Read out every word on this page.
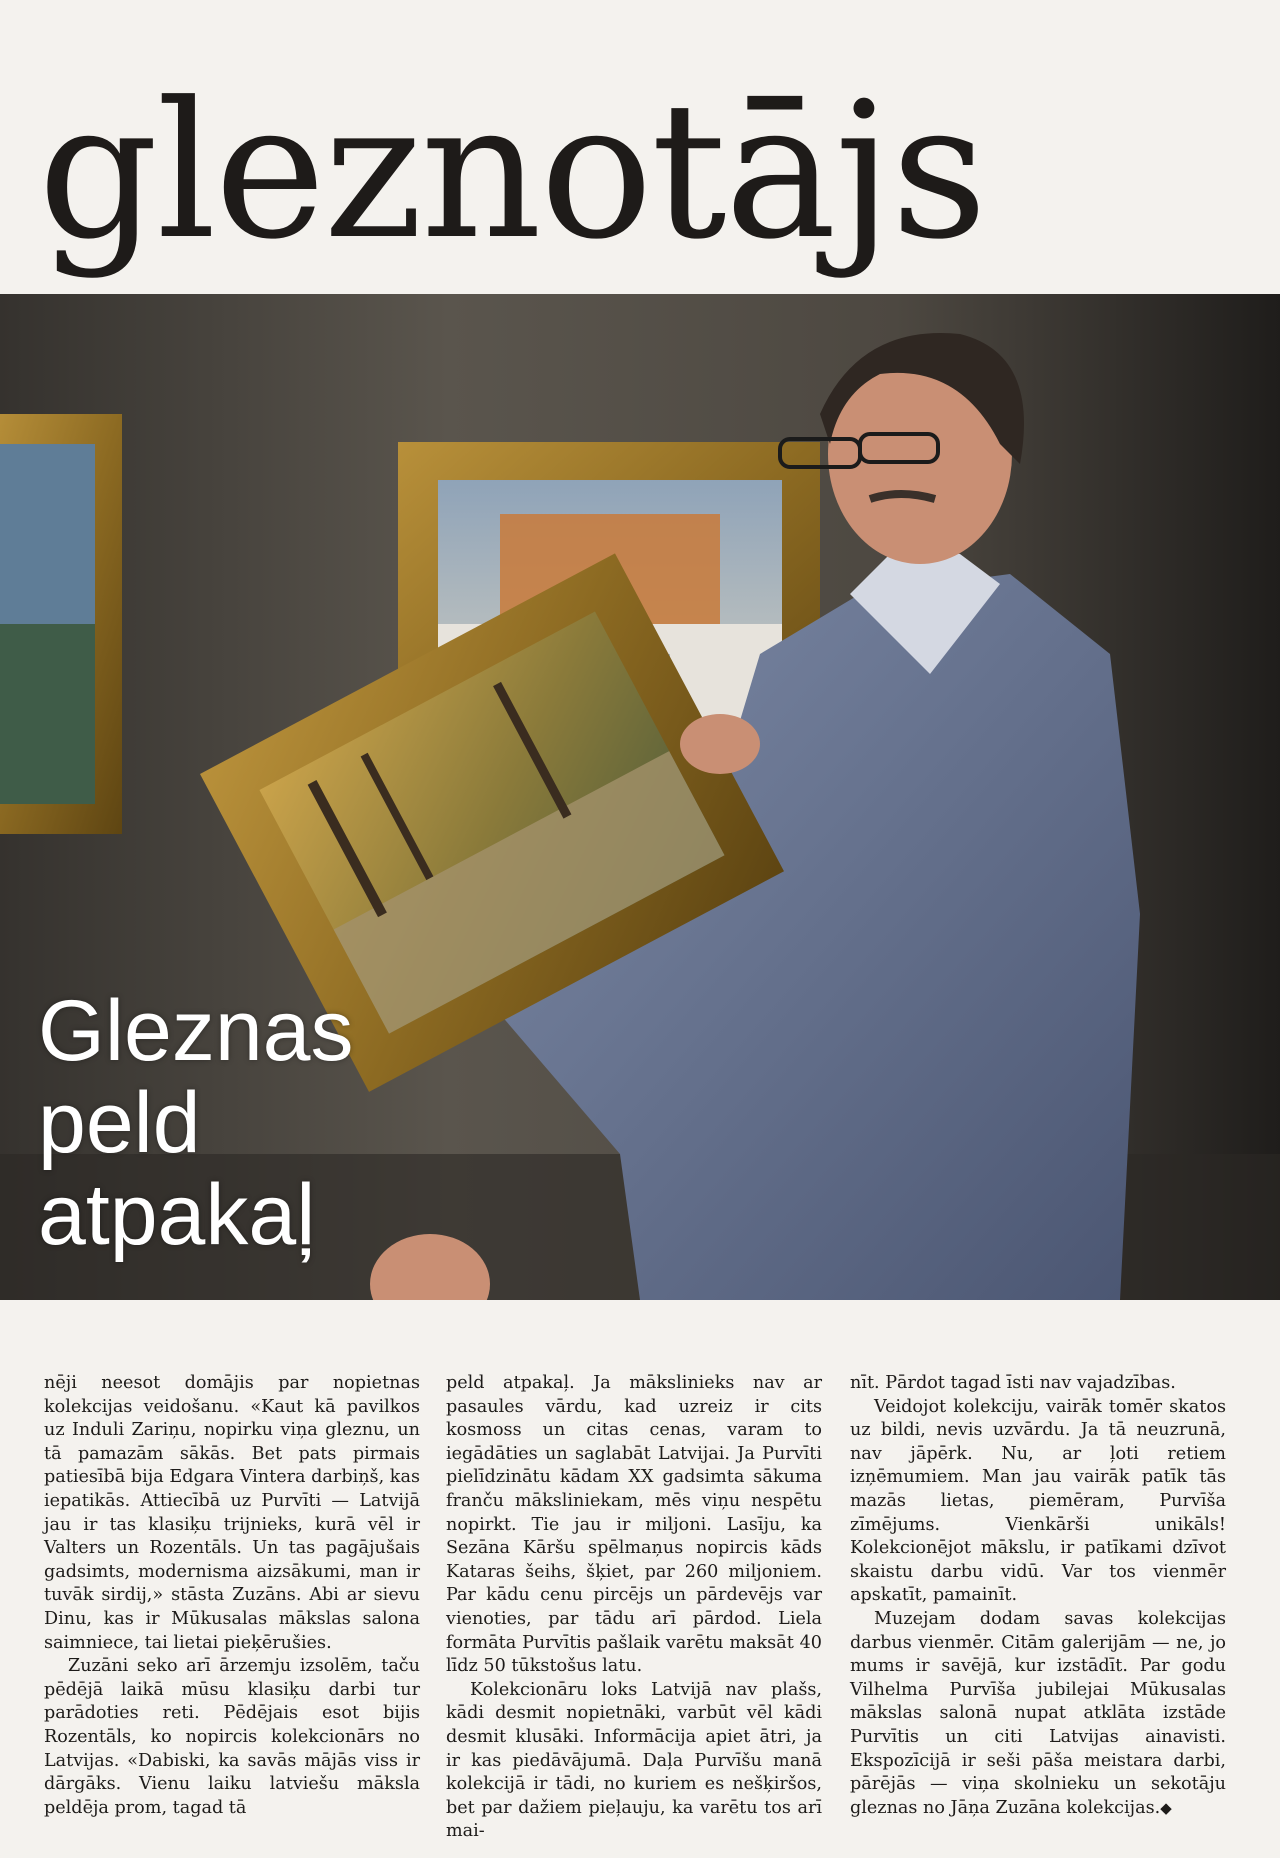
gleznotājs
Gleznas
peld
atpakaļ

nēji neesot domājis par nopietnas kolekcijas veidošanu. «Kaut kā pavilkos uz Induli Zariņu, nopirku viņa gleznu, un tā pamazām sākās. Bet pats pirmais patiesībā bija Edgara Vintera darbiņš, kas iepatikās. Attiecībā uz Purvīti — Latvijā jau ir tas klasiķu trijnieks, kurā vēl ir Valters un Rozentāls. Un tas pagājušais gadsimts, modernisma aizsākumi, man ir tuvāk sirdij,» stāsta Zuzāns. Abi ar sievu Dinu, kas ir Mūkusalas mākslas salona saimniece, tai lietai pieķērušies.

Zuzāni seko arī ārzemju izsolēm, taču pēdējā laikā mūsu klasiķu darbi tur parādoties reti. Pēdējais esot bijis Rozentāls, ko nopircis kolekcionārs no Latvijas. «Dabiski, ka savās mājās viss ir dārgāks. Vienu laiku latviešu māksla peldēja prom, tagad tā

peld atpakaļ. Ja mākslinieks nav ar pasaules vārdu, kad uzreiz ir cits kosmoss un citas cenas, varam to iegādāties un saglabāt Latvijai. Ja Purvīti pielīdzinātu kādam XX gadsimta sākuma franču māksliniekam, mēs viņu nespētu nopirkt. Tie jau ir miljoni. Lasīju, ka Sezāna Kāršu spēlmaņus nopircis kāds Kataras šeihs, šķiet, par 260 miljoniem. Par kādu cenu pircējs un pārdevējs var vienoties, par tādu arī pārdod. Liela formāta Purvītis pašlaik varētu maksāt 40 līdz 50 tūkstošus latu.

Kolekcionāru loks Latvijā nav plašs, kādi desmit nopietnāki, varbūt vēl kādi desmit klusāki. Informācija apiet ātri, ja ir kas piedāvājumā. Daļa Purvīšu manā kolekcijā ir tādi, no kuriem es nešķiršos, bet par dažiem pieļauju, ka varētu tos arī mai-

nīt. Pārdot tagad īsti nav vajadzības.

Veidojot kolekciju, vairāk tomēr skatos uz bildi, nevis uzvārdu. Ja tā neuzrunā, nav jāpērk. Nu, ar ļoti retiem izņēmumiem. Man jau vairāk patīk tās mazās lietas, piemēram, Purvīša zīmējums. Vienkārši unikāls! Kolekcionējot mākslu, ir patīkami dzīvot skaistu darbu vidū. Var tos vienmēr apskatīt, pamainīt.

Muzejam dodam savas kolekcijas darbus vienmēr. Citām galerijām — ne, jo mums ir savējā, kur izstādīt. Par godu Vilhelma Purvīša jubilejai Mūkusalas mākslas salonā nupat atklāta izstāde Purvītis un citi Latvijas ainavisti. Ekspozīcijā ir seši pāša meistara darbi, pārējās — viņa skolnieku un sekotāju gleznas no Jāņa Zuzāna kolekcijas.◆
